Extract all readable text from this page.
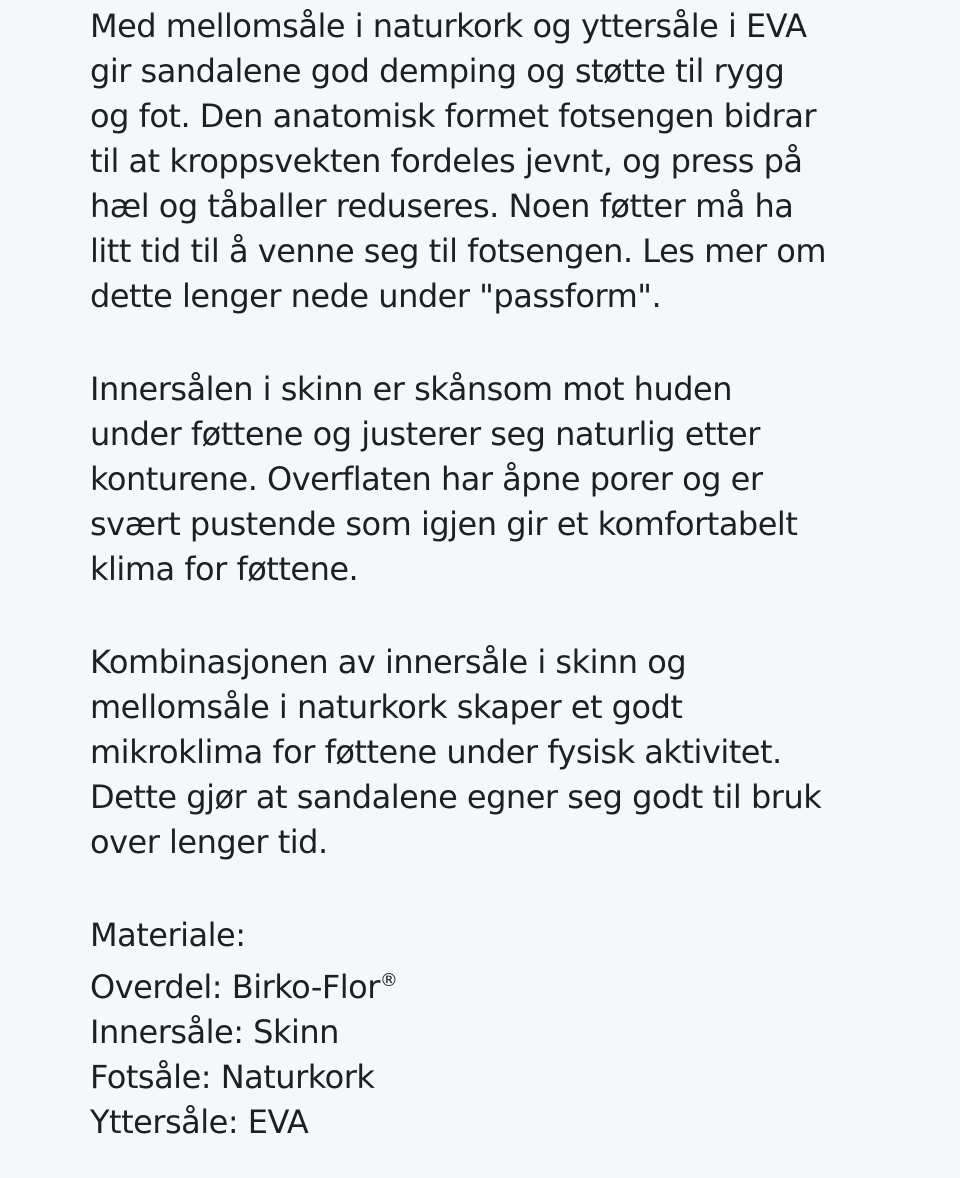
Med mellomsåle i naturkork og yttersåle i EVA
gir sandalene god demping og støtte til rygg
og fot. Den anatomisk formet fotsengen bidrar
til at kroppsvekten fordeles jevnt, og press på
hæl og tåballer reduseres. Noen føtter må ha
litt tid til å venne seg til fotsengen. Les mer om
dette lenger nede under "passform".

Innersålen i skinn er skånsom mot huden
under føttene og justerer seg naturlig etter
konturene. Overflaten har åpne porer og er
svært pustende som igjen gir et komfortabelt
klima for føttene.

Kombinasjonen av innersåle i skinn og
mellomsåle i naturkork skaper et godt
mikroklima for føttene under fysisk aktivitet.
Dette gjør at sandalene egner seg godt til bruk
over lenger tid.

Materiale:
Overdel: Birko-Flor®
Innersåle: Skinn
Fotsåle: Naturkork
Yttersåle: EVA
